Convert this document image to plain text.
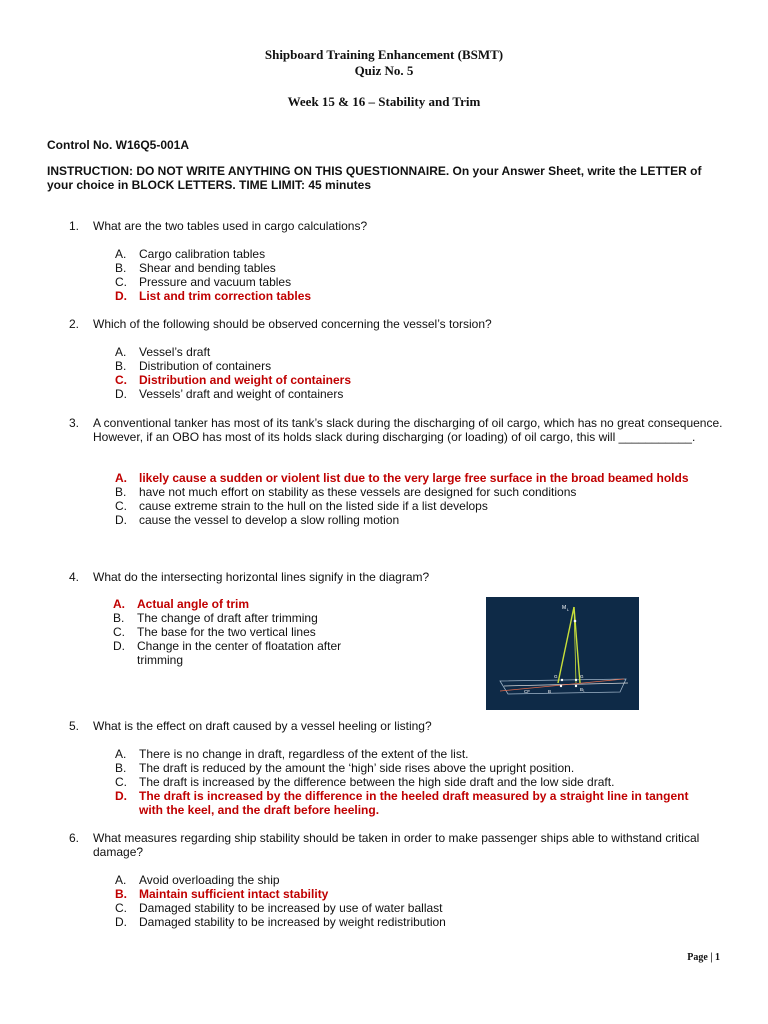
Shipboard Training Enhancement (BSMT)
Quiz No. 5
Week 15 & 16 – Stability and Trim
Control No. W16Q5-001A
INSTRUCTION: DO NOT WRITE ANYTHING ON THIS QUESTIONNAIRE. On your Answer Sheet, write the LETTER of your choice in BLOCK LETTERS. TIME LIMIT: 45 minutes
1. What are the two tables used in cargo calculations?
A. Cargo calibration tables
B. Shear and bending tables
C. Pressure and vacuum tables
D. List and trim correction tables
2. Which of the following should be observed concerning the vessel’s torsion?
A. Vessel’s draft
B. Distribution of containers
C. Distribution and weight of containers
D. Vessels’ draft and weight of containers
3. A conventional tanker has most of its tank’s slack during the discharging of oil cargo, which has no great consequence. However, if an OBO has most of its holds slack during discharging (or loading) of oil cargo, this will ___________.
A. likely cause a sudden or violent list due to the very large free surface in the broad beamed holds
B. have not much effort on stability as these vessels are designed for such conditions
C. cause extreme strain to the hull on the listed side if a list develops
D. cause the vessel to develop a slow rolling motion
4. What do the intersecting horizontal lines signify in the diagram?
A. Actual angle of trim
B. The change of draft after trimming
C. The base for the two vertical lines
D. Change in the center of floatation after trimming
M L
G	G
B	B₁
CF
5. What is the effect on draft caused by a vessel heeling or listing?
A. There is no change in draft, regardless of the extent of the list.
B. The draft is reduced by the amount the ‘high’ side rises above the upright position.
C. The draft is increased by the difference between the high side draft and the low side draft.
D. The draft is increased by the difference in the heeled draft measured by a straight line in tangent with the keel, and the draft before heeling.
6. What measures regarding ship stability should be taken in order to make passenger ships able to withstand critical damage?
A. Avoid overloading the ship
B. Maintain sufficient intact stability
C. Damaged stability to be increased by use of water ballast
D. Damaged stability to be increased by weight redistribution
Page | 1
